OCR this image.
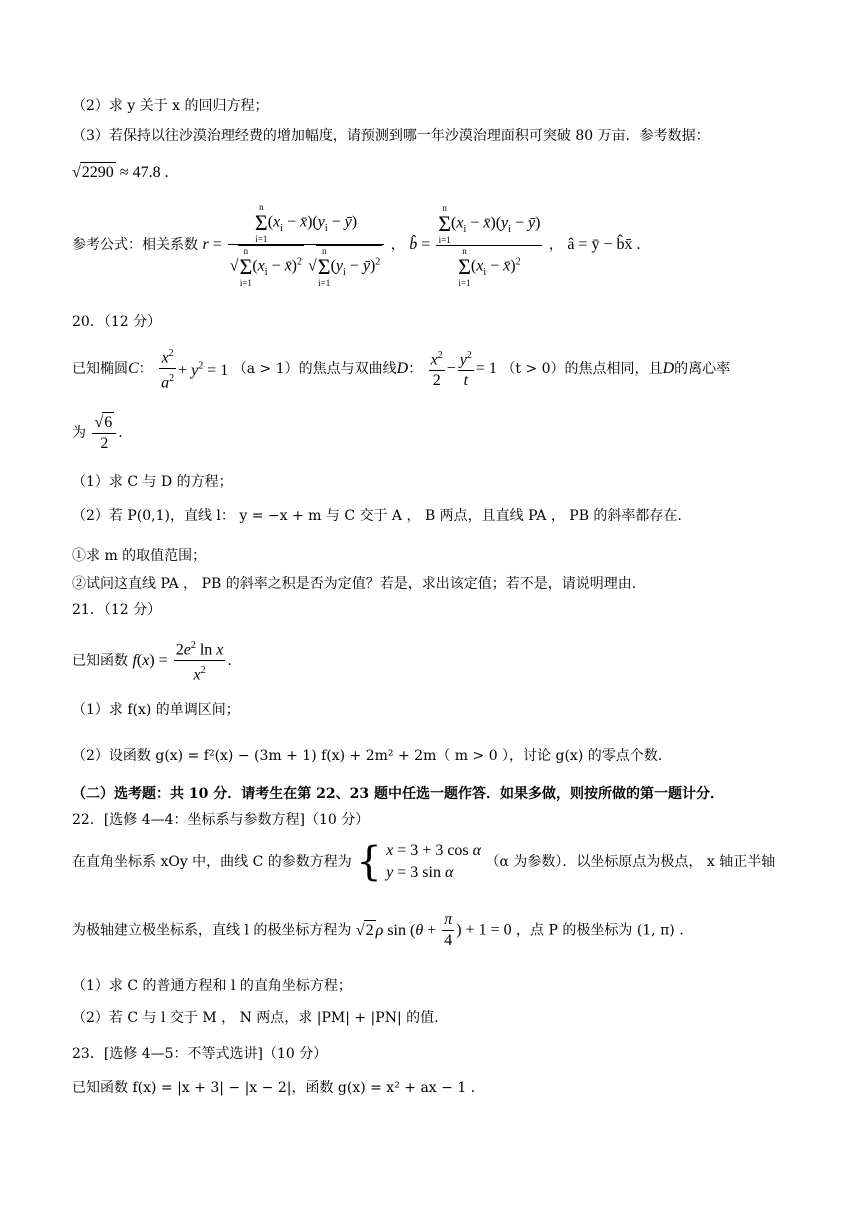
（2）求 y 关于 x 的回归方程；
（3）若保持以往沙漠治理经费的增加幅度，请预测到哪一年沙漠治理面积可突破 80 万亩．参考数据：
√2290 ≈ 47.8 .
参考公式：相关系数 r = n
Σ
i=1
($x_i$ − $x̄)(y_i$ − ȳ)
√
n
Σ
i=1
($x_i$ − x̄)$^2$ √
n
Σ
i=1
($y_i$ − ȳ)$^2$ ， b̂ = n
Σ
i=1
($x_i$ − $x̄)(y_i$ − ȳ)
n
Σ
i=1
($x_i$ − x̄)$^2$ ， â = ȳ − b̂x̄ .
20．（12 分）
已知椭圆C： $\frac{x^2}{a^2} + y^2 = 1$ （a > 1）的焦点与双曲线D： $\frac{x^2}{2} - \frac{y^2}{t} = 1$ （t > 0）的焦点相同，且D的离心率
为 $\frac{√6}{2}$ .
（1）求 C 与 D 的方程；
（2）若 P(0,1)，直线 l： y = −x + m 与 C 交于 A ， B 两点，且直线 PA ， PB 的斜率都存在.
①求 m 的取值范围；
②试问这直线 PA ， PB 的斜率之积是否为定值？若是，求出该定值；若不是，请说明理由.
21．（12 分）
已知函数 $f(x) = \frac{2e^2 \ln x}{x^2}$ .
（1）求 f(x) 的单调区间；
（2）设函数 g(x) = f²(x) − (3m + 1) f(x) + 2m² + 2m（ m > 0 ），讨论 g(x) 的零点个数.
（二）选考题：共 10 分．请考生在第 22、23 题中任选一题作答．如果多做，则按所做的第一题计分．
22．[选修 4—4：坐标系与参数方程]（10 分）
在直角坐标系 xOy 中，曲线 C 的参数方程为 { x = 3 + 3 cos α
y = 3 sin α
（α 为参数）．以坐标原点为极点， x 轴正半轴
为极轴建立极坐标系，直线 l 的极坐标方程为 √2 ρ $\sin (\theta + \frac{\pi}{4}$ ) + 1 = 0 ，点 P 的极坐标为 (1, π) .
（1）求 C 的普通方程和 l 的直角坐标方程；
（2）若 C 与 l 交于 M ， N 两点，求 |PM| + |PN| 的值.
23．[选修 4—5：不等式选讲]（10 分）
已知函数 f(x) = |x + 3| − |x − 2|，函数 g(x) = x² + ax − 1 .
